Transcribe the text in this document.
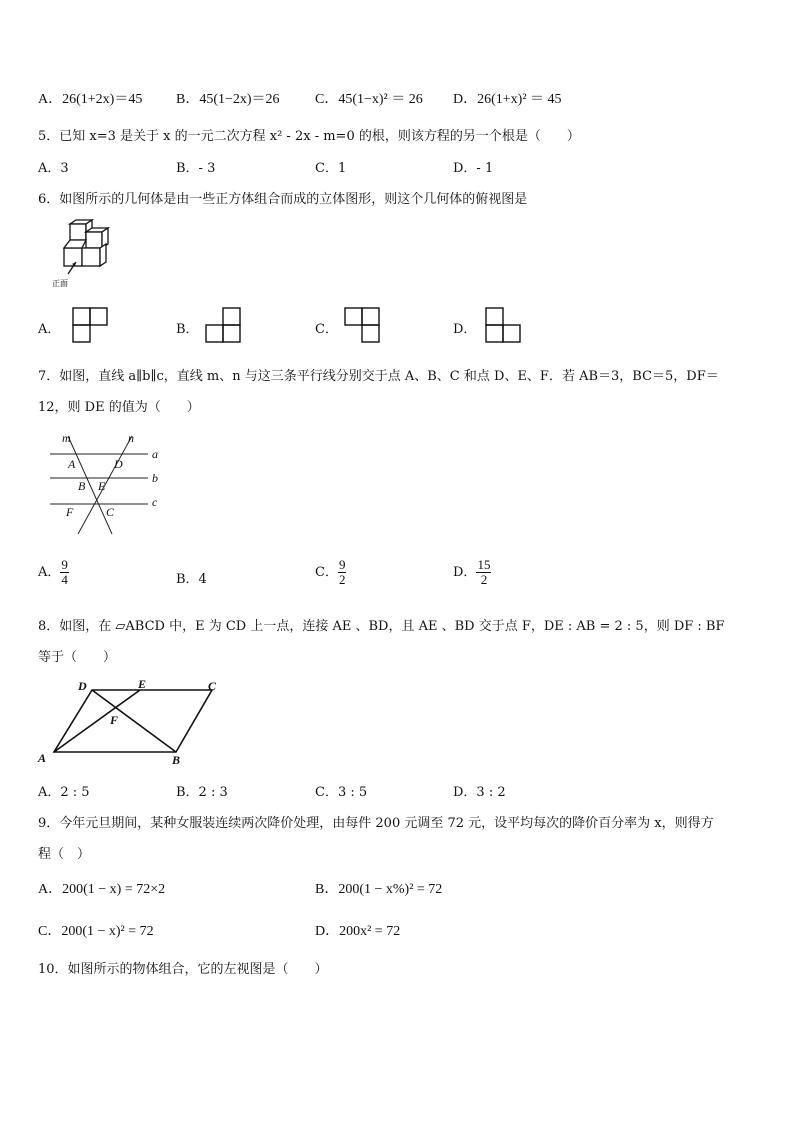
A．26(1+2x)＝45 B．45(1−2x)＝26	C．45(1−x)² ＝ 26 D．26(1+x)² ＝ 45
5．已知 x=3 是关于 x 的一元二次方程 x² - 2x - m=0 的根，则该方程的另一个根是（　　）
A．3	B．- 3	C．1	D．- 1
6．如图所示的几何体是由一些正方体组合而成的立体图形，则这个几何体的俯视图是
正面
A．	B．	C．	D．
7．如图，直线 a∥b∥c，直线 m、n 与这三条平行线分别交于点 A、B、C 和点 D、E、F．若 AB＝3，BC＝5，DF＝
12，则 DE 的值为（　　）
m	n
a
b
c
A	D
B E
F	C
A． $\frac{9}{4}$	B．4	C． $\frac{9}{2}$	D． $\frac{15}{2}$
8．如图，在 ▱ABCD 中，E 为 CD 上一点，连接 AE 、BD，且 AE 、BD 交于点 F，DE : AB = 2 : 5，则 DF : BF
等于（　　）
A	B
C
D	E
F
A．2 : 5	B．2 : 3	C．3 : 5	D．3 : 2
9．今年元旦期间，某种女服装连续两次降价处理，由每件 200 元调至 72 元，设平均每次的降价百分率为 x，则得方
程（　）
A．200(1 − x) = 72×2	B．200(1 − x%)² = 72
C．200(1 − x)² = 72	D．200x² = 72
10．如图所示的物体组合，它的左视图是（　　）
